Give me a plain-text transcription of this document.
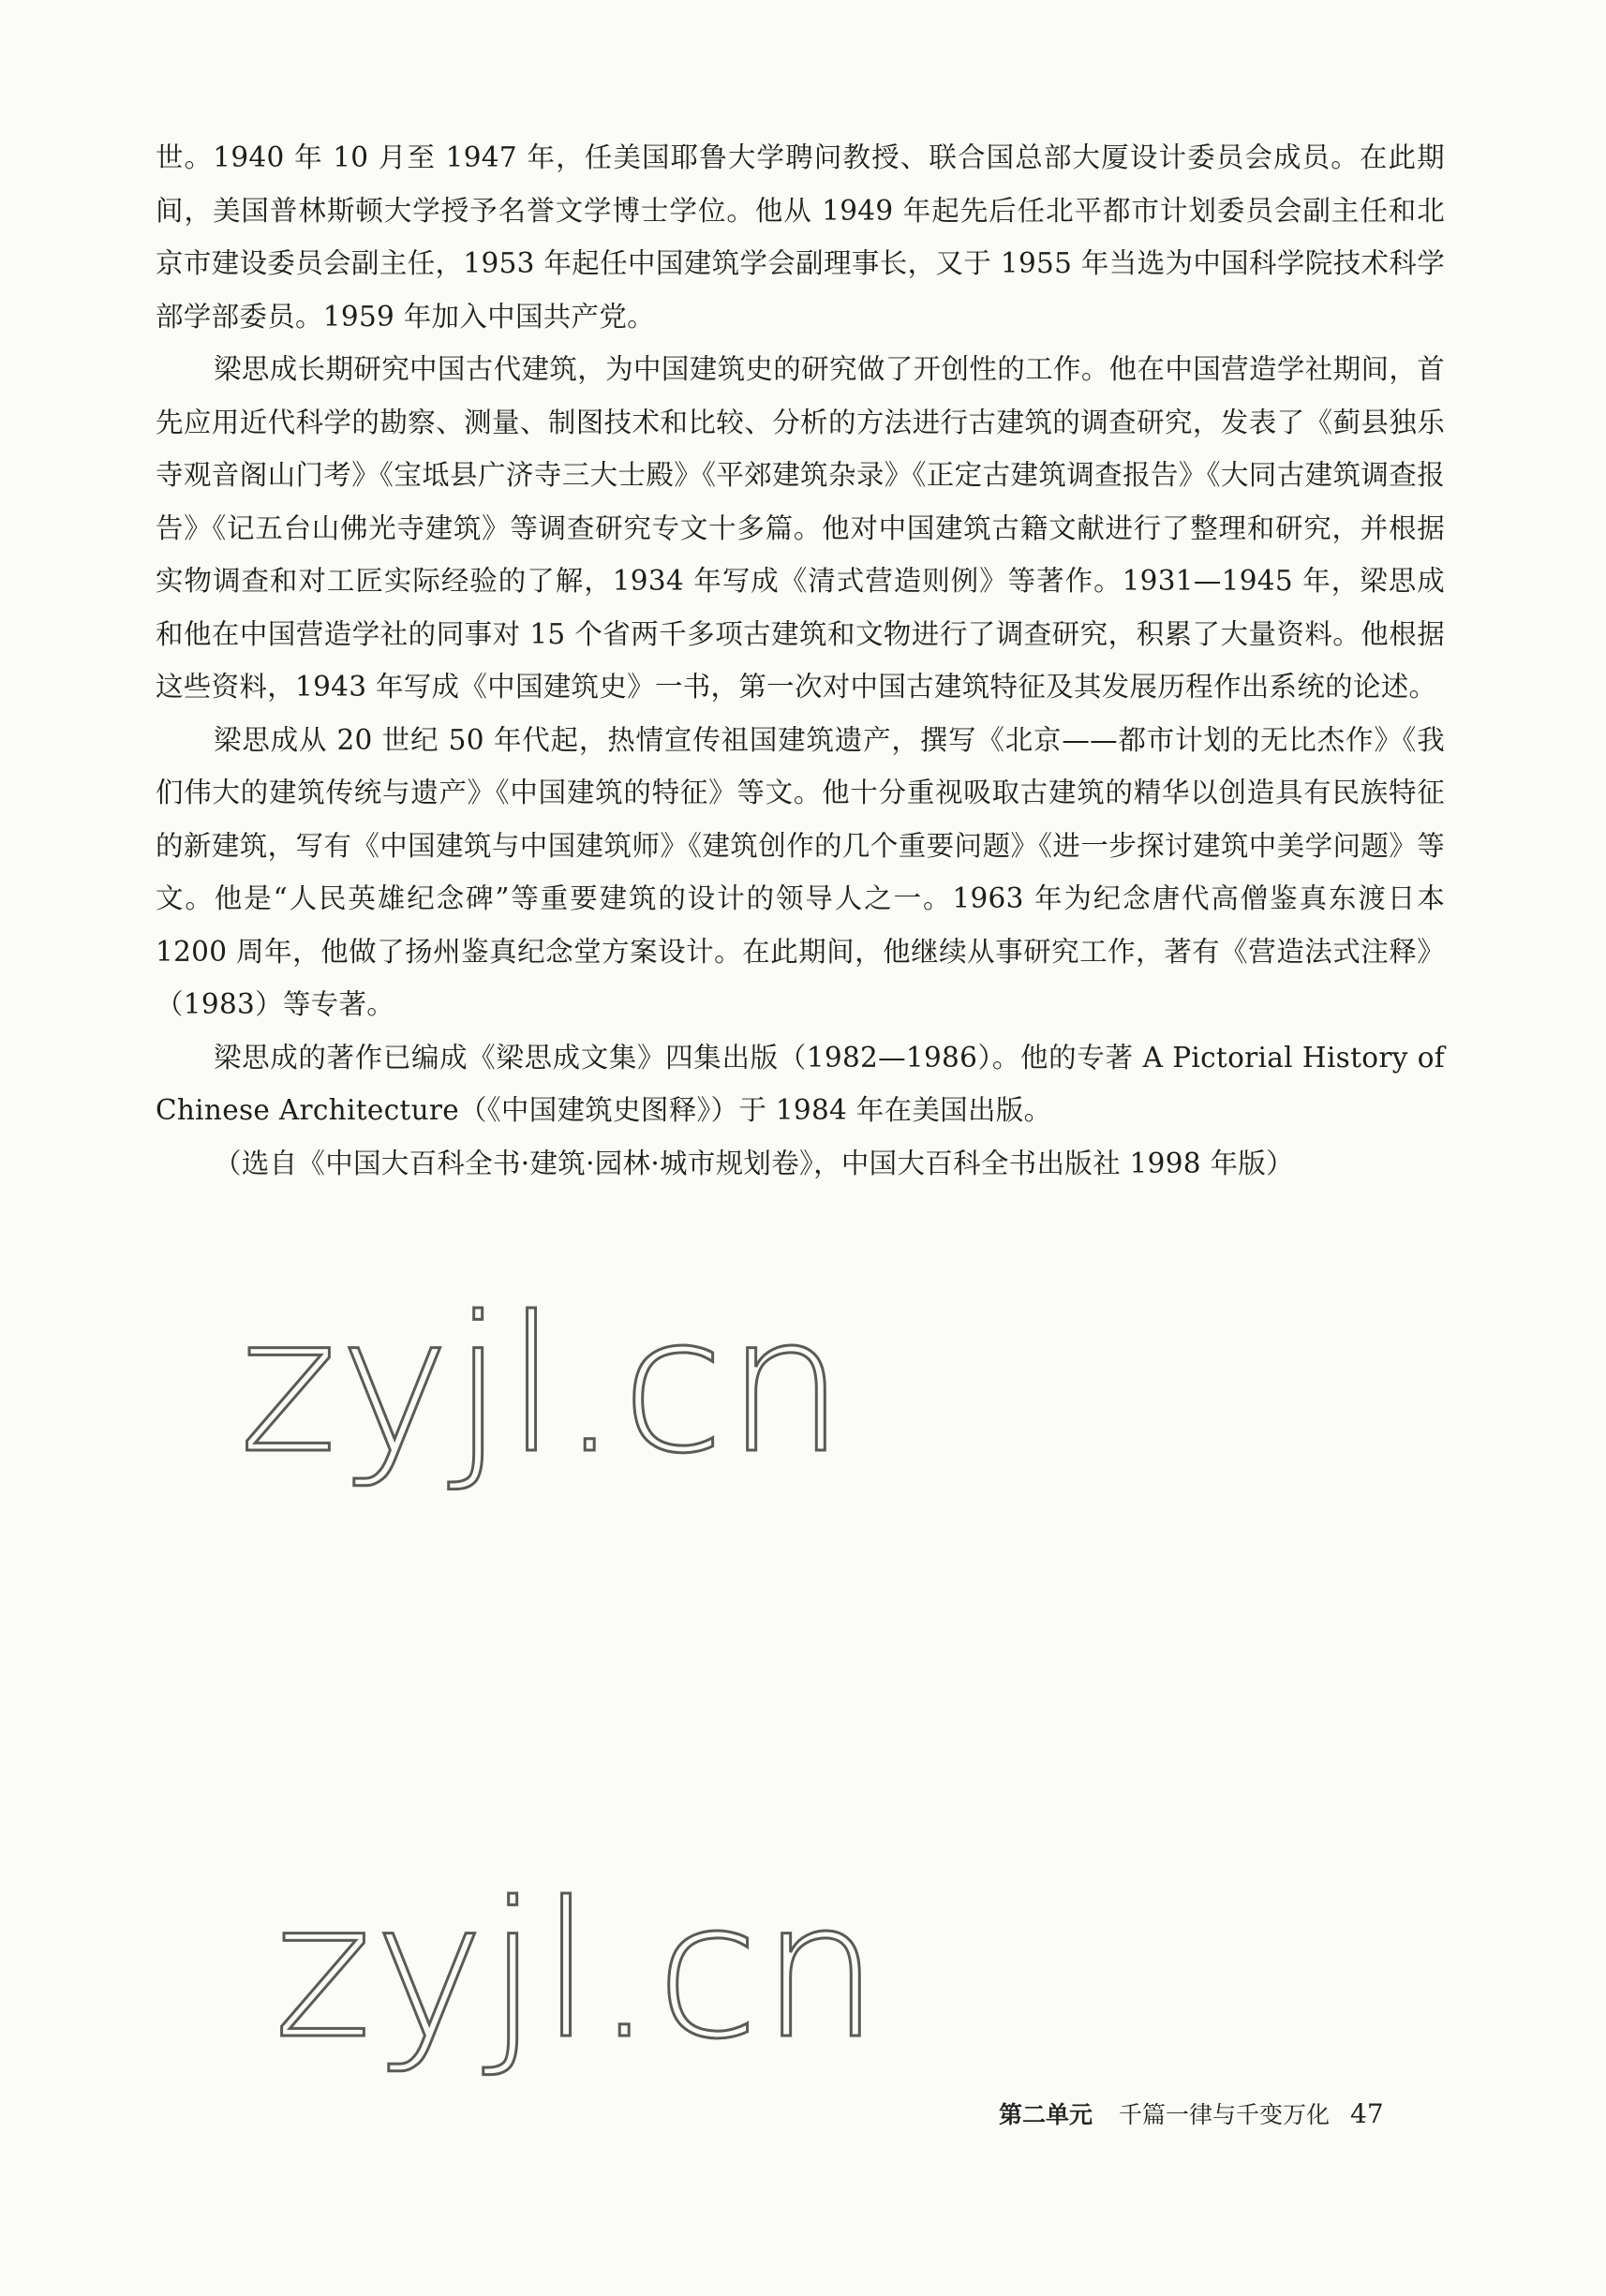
世。1940 年 10 月至 1947 年，任美国耶鲁大学聘问教授、联合国总部大厦设计委员会成员。在此期间，美国普林斯顿大学授予名誉文学博士学位。他从 1949 年起先后任北平都市计划委员会副主任和北京市建设委员会副主任，1953 年起任中国建筑学会副理事长，又于 1955 年当选为中国科学院技术科学部学部委员。1959 年加入中国共产党。

梁思成长期研究中国古代建筑，为中国建筑史的研究做了开创性的工作。他在中国营造学社期间，首先应用近代科学的勘察、测量、制图技术和比较、分析的方法进行古建筑的调查研究，发表了《蓟县独乐寺观音阁山门考》《宝坻县广济寺三大士殿》《平郊建筑杂录》《正定古建筑调查报告》《大同古建筑调查报告》《记五台山佛光寺建筑》等调查研究专文十多篇。他对中国建筑古籍文献进行了整理和研究，并根据实物调查和对工匠实际经验的了解，1934 年写成《清式营造则例》等著作。1931—1945 年，梁思成和他在中国营造学社的同事对 15 个省两千多项古建筑和文物进行了调查研究，积累了大量资料。他根据这些资料，1943 年写成《中国建筑史》一书，第一次对中国古建筑特征及其发展历程作出系统的论述。

梁思成从 20 世纪 50 年代起，热情宣传祖国建筑遗产，撰写《北京——都市计划的无比杰作》《我们伟大的建筑传统与遗产》《中国建筑的特征》等文。他十分重视吸取古建筑的精华以创造具有民族特征的新建筑，写有《中国建筑与中国建筑师》《建筑创作的几个重要问题》《进一步探讨建筑中美学问题》等文。他是“人民英雄纪念碑”等重要建筑的设计的领导人之一。1963 年为纪念唐代高僧鉴真东渡日本 1200 周年，他做了扬州鉴真纪念堂方案设计。在此期间，他继续从事研究工作，著有《营造法式注释》（1983）等专著。

梁思成的著作已编成《梁思成文集》四集出版（1982—1986）。他的专著 A Pictorial History of Chinese Architecture（《中国建筑史图释》）于 1984 年在美国出版。

（选自《中国大百科全书·建筑·园林·城市规划卷》，中国大百科全书出版社 1998 年版）

zyjl.cn
zyjl.cn
第二单元 千篇一律与千变万化 47
